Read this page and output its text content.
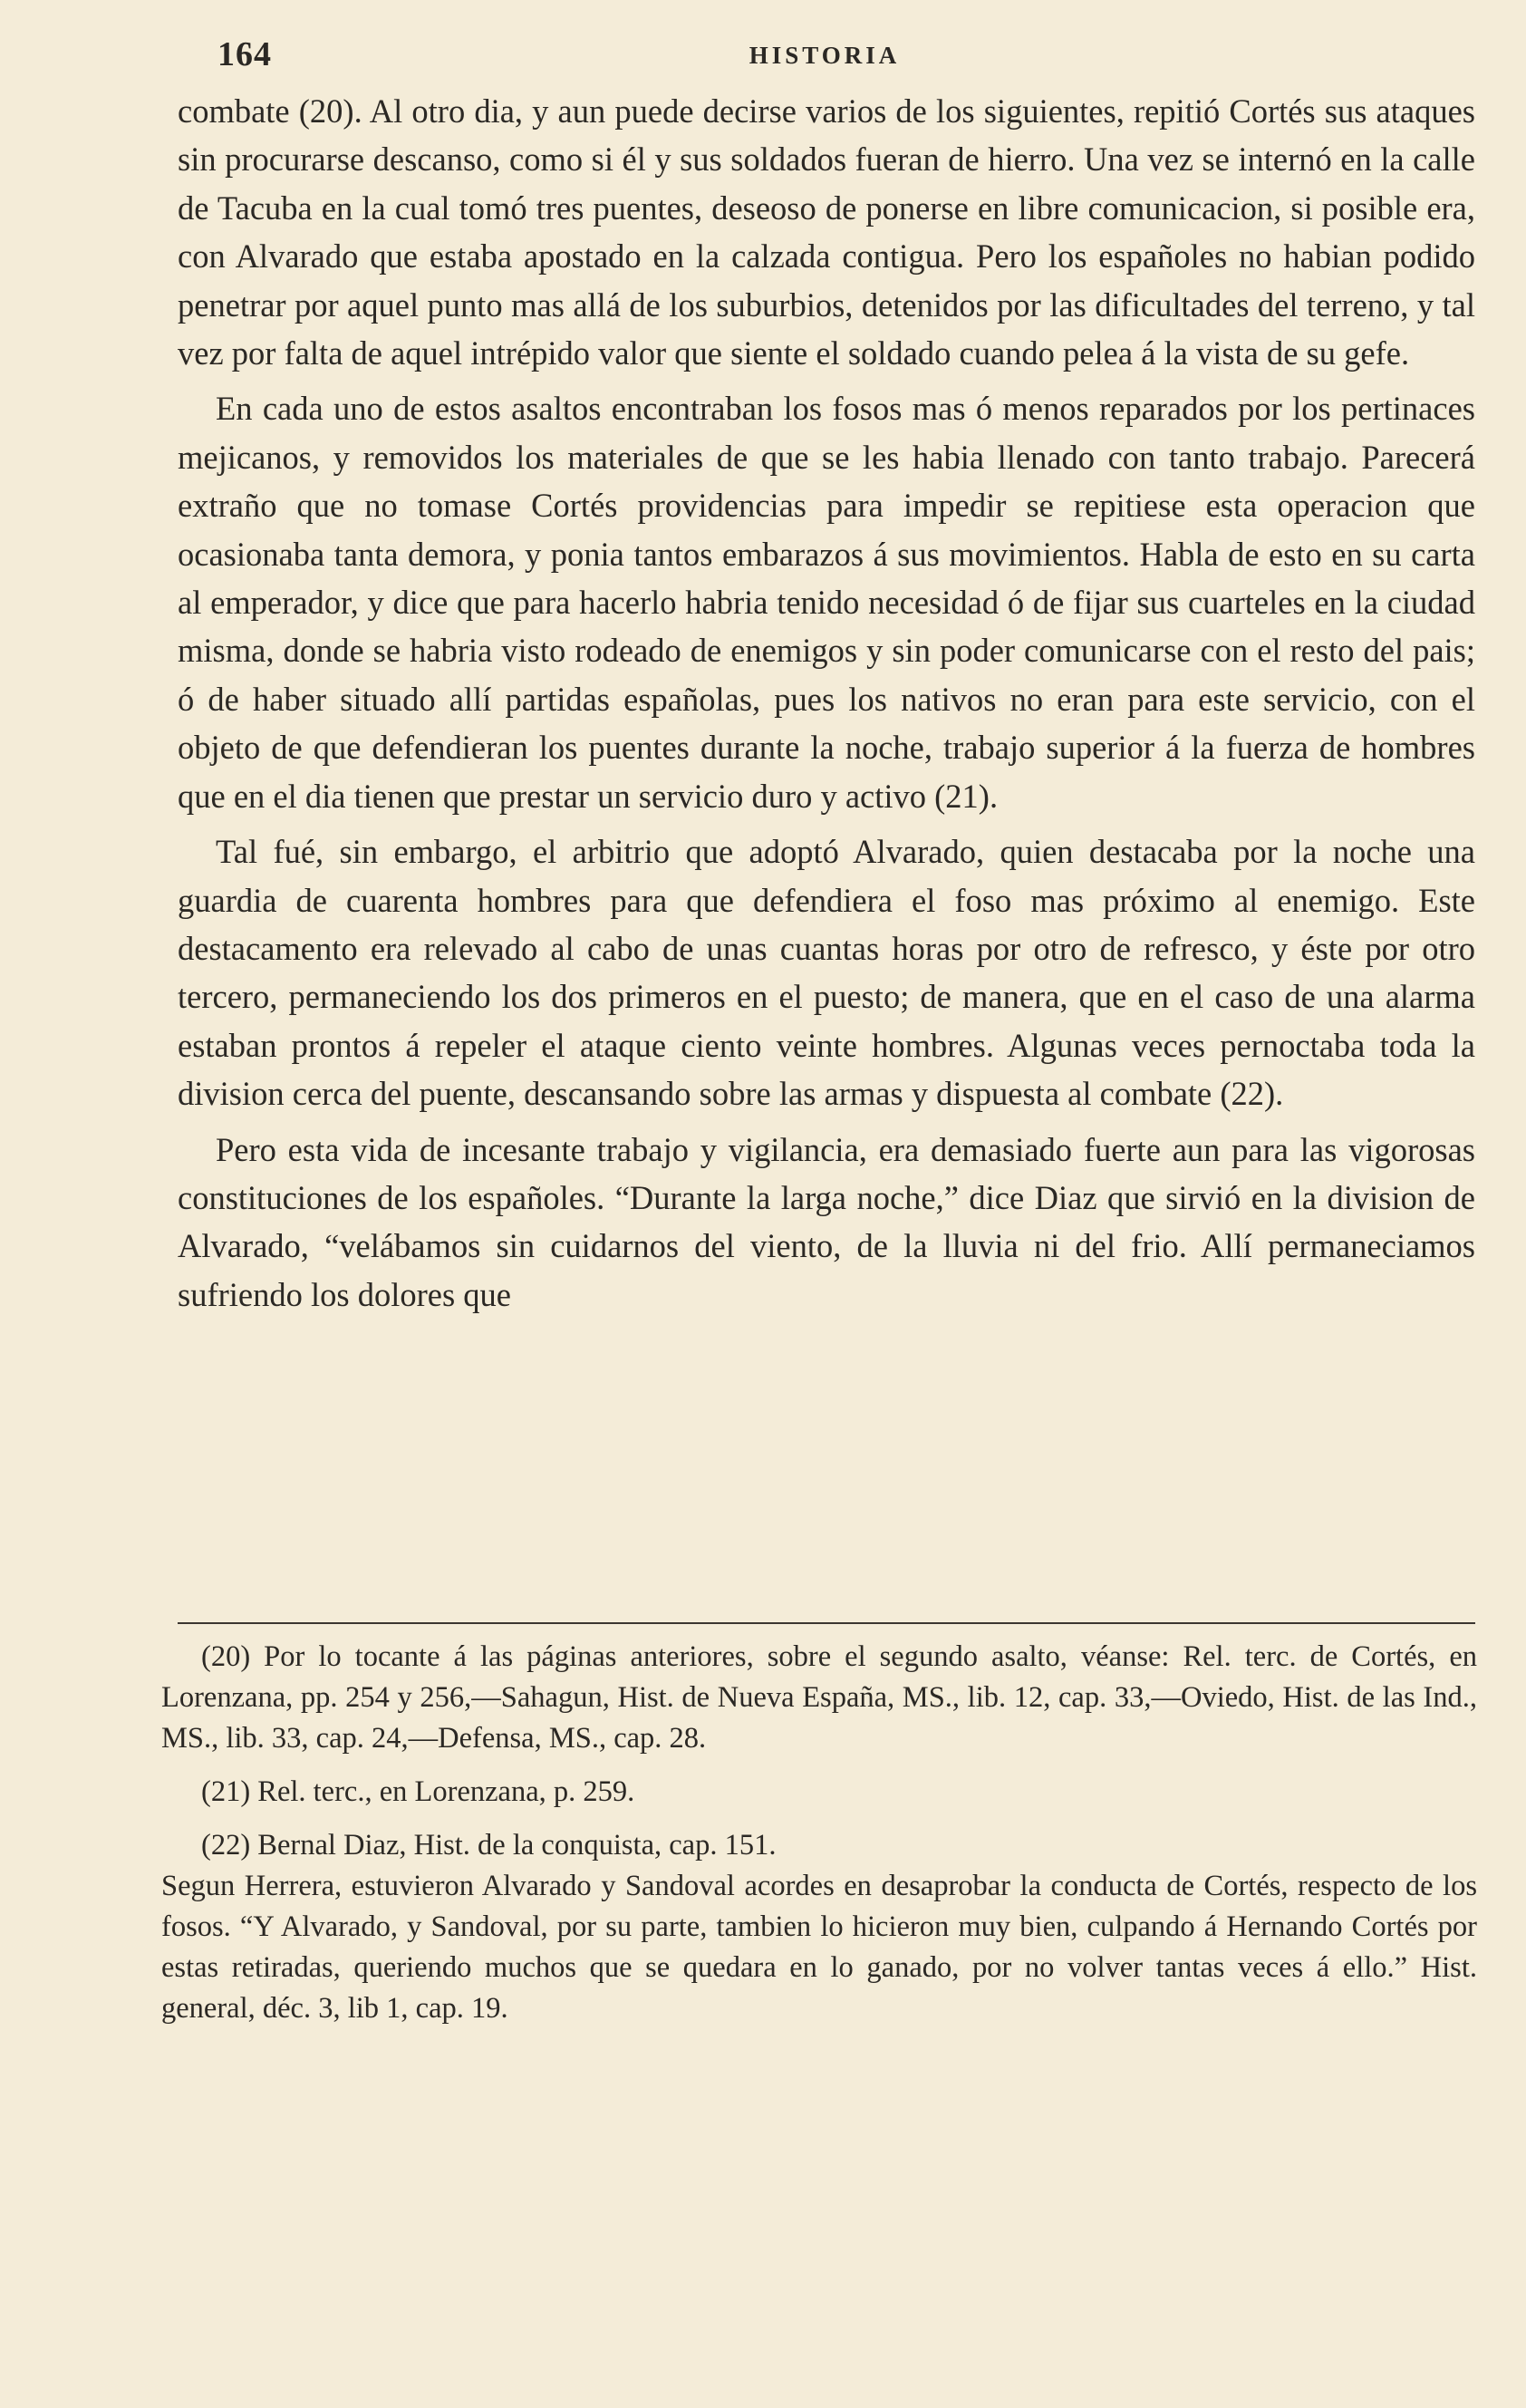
164	HISTORIA

combate (20). Al otro dia, y aun puede decirse varios de los siguientes, repitió Cortés sus ataques sin procurarse descanso, como si él y sus soldados fueran de hierro. Una vez se internó en la calle de Tacuba en la cual tomó tres puentes, deseoso de ponerse en libre comunicacion, si posible era, con Alvarado que estaba apostado en la calzada contigua. Pero los españoles no habian podido penetrar por aquel punto mas allá de los suburbios, detenidos por las dificultades del terreno, y tal vez por falta de aquel intrépido valor que siente el soldado cuando pelea á la vista de su gefe.

En cada uno de estos asaltos encontraban los fosos mas ó menos reparados por los pertinaces mejicanos, y removidos los materiales de que se les habia llenado con tanto trabajo. Parecerá extraño que no tomase Cortés providencias para impedir se repitiese esta operacion que ocasionaba tanta demora, y ponia tantos embarazos á sus movimientos. Habla de esto en su carta al emperador, y dice que para hacerlo habria tenido necesidad ó de fijar sus cuarteles en la ciudad misma, donde se habria visto rodeado de enemigos y sin poder comunicarse con el resto del pais; ó de haber situado allí partidas españolas, pues los nativos no eran para este servicio, con el objeto de que defendieran los puentes durante la noche, trabajo superior á la fuerza de hombres que en el dia tienen que prestar un servicio duro y activo (21).

Tal fué, sin embargo, el arbitrio que adoptó Alvarado, quien destacaba por la noche una guardia de cuarenta hombres para que defendiera el foso mas próximo al enemigo. Este destacamento era relevado al cabo de unas cuantas horas por otro de refresco, y éste por otro tercero, permaneciendo los dos primeros en el puesto; de manera, que en el caso de una alarma estaban prontos á repeler el ataque ciento veinte hombres. Algunas veces pernoctaba toda la division cerca del puente, descansando sobre las armas y dispuesta al combate (22).

Pero esta vida de incesante trabajo y vigilancia, era demasiado fuerte aun para las vigorosas constituciones de los españoles. “Durante la larga noche,” dice Diaz que sirvió en la division de Alvarado, “velábamos sin cuidarnos del viento, de la lluvia ni del frio. Allí permaneciamos sufriendo los dolores que

(20) Por lo tocante á las páginas anteriores, sobre el segundo asalto, véanse: Rel. terc. de Cortés, en Lorenzana, pp. 254 y 256,—Sahagun, Hist. de Nueva España, MS., lib. 12, cap. 33,—Oviedo, Hist. de las Ind., MS., lib. 33, cap. 24,—Defensa, MS., cap. 28.

(21) Rel. terc., en Lorenzana, p. 259.

(22) Bernal Diaz, Hist. de la conquista, cap. 151.

Segun Herrera, estuvieron Alvarado y Sandoval acordes en desaprobar la conducta de Cortés, respecto de los fosos. “Y Alvarado, y Sandoval, por su parte, tambien lo hicieron muy bien, culpando á Hernando Cortés por estas retiradas, queriendo muchos que se quedara en lo ganado, por no volver tantas veces á ello.” Hist. general, déc. 3, lib 1, cap. 19.
